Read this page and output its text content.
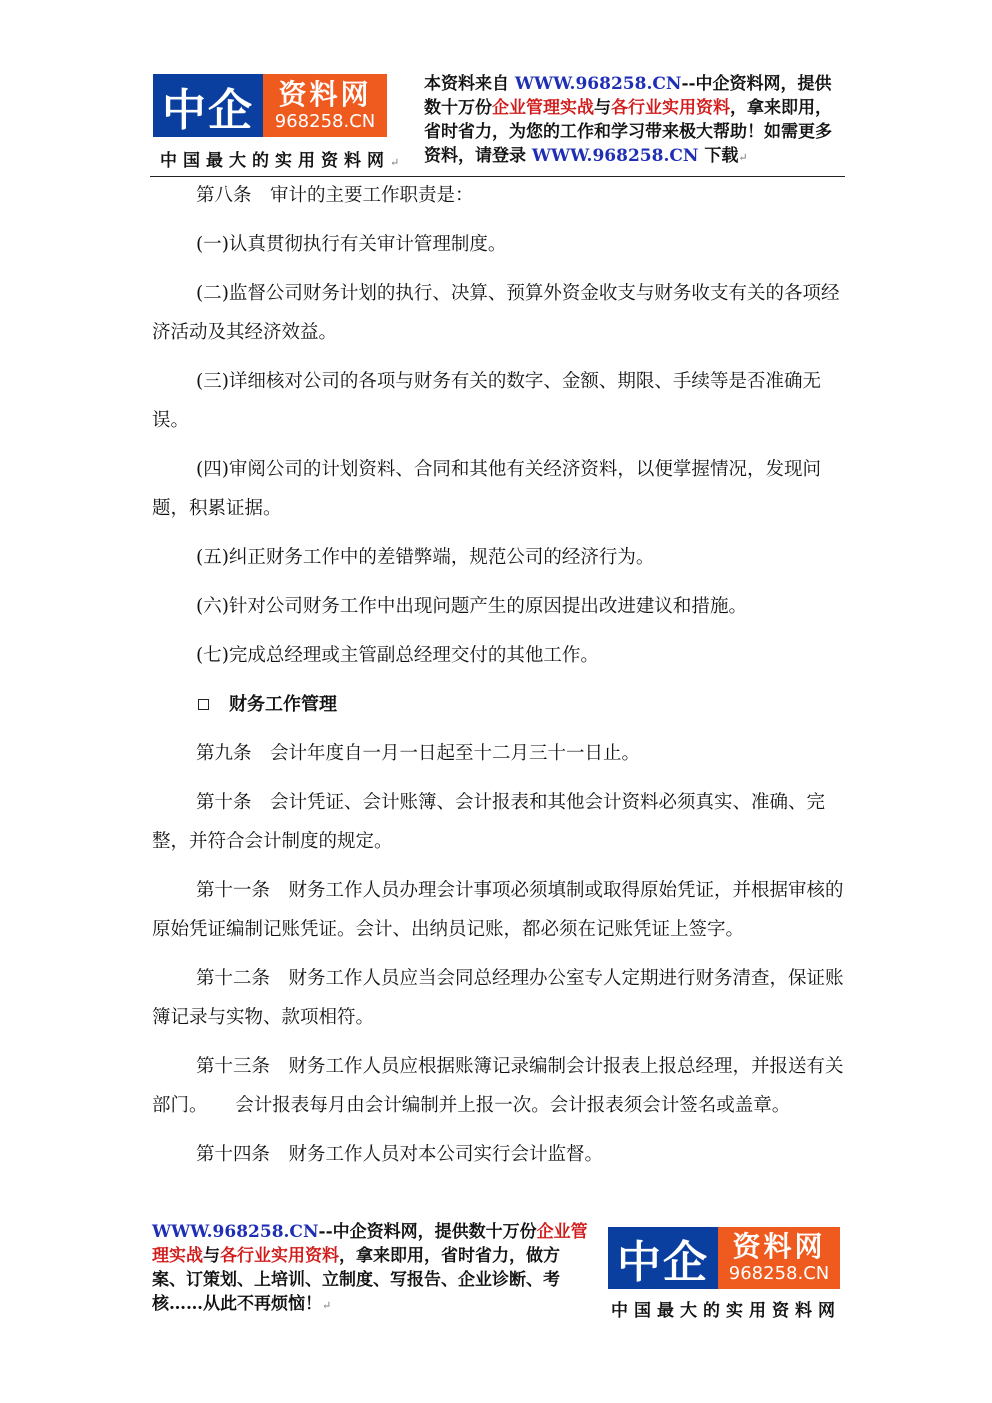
中企 资料网
968258.CN
中国最大的实用资料网↵
本资料来自 WWW.968258.CN--中企资料网，提供数十万份企业管理实战与各行业实用资料，拿来即用，省时省力，为您的工作和学习带来极大帮助！如需更多资料，请登录 WWW.968258.CN 下载↵

第八条　审计的主要工作职责是：

(一)认真贯彻执行有关审计管理制度。

(二)监督公司财务计划的执行、决算、预算外资金收支与财务收支有关的各项经济活动及其经济效益。

(三)详细核对公司的各项与财务有关的数字、金额、期限、手续等是否准确无误。

(四)审阅公司的计划资料、合同和其他有关经济资料，以便掌握情况，发现问题，积累证据。

(五)纠正财务工作中的差错弊端，规范公司的经济行为。

(六)针对公司财务工作中出现问题产生的原因提出改进建议和措施。

(七)完成总经理或主管副总经理交付的其他工作。

财务工作管理

第九条　会计年度自一月一日起至十二月三十一日止。

第十条　会计凭证、会计账簿、会计报表和其他会计资料必须真实、准确、完整，并符合会计制度的规定。

第十一条　财务工作人员办理会计事项必须填制或取得原始凭证，并根据审核的原始凭证编制记账凭证。会计、出纳员记账，都必须在记账凭证上签字。

第十二条　财务工作人员应当会同总经理办公室专人定期进行财务清查，保证账簿记录与实物、款项相符。

第十三条　财务工作人员应根据账簿记录编制会计报表上报总经理，并报送有关部门。　　会计报表每月由会计编制并上报一次。会计报表须会计签名或盖章。

第十四条　财务工作人员对本公司实行会计监督。

WWW.968258.CN--中企资料网，提供数十万份企业管理实战与各行业实用资料，拿来即用，省时省力，做方案、订策划、上培训、立制度、写报告、企业诊断、考核……从此不再烦恼！↵
中企 资料网
968258.CN
中国最大的实用资料网
